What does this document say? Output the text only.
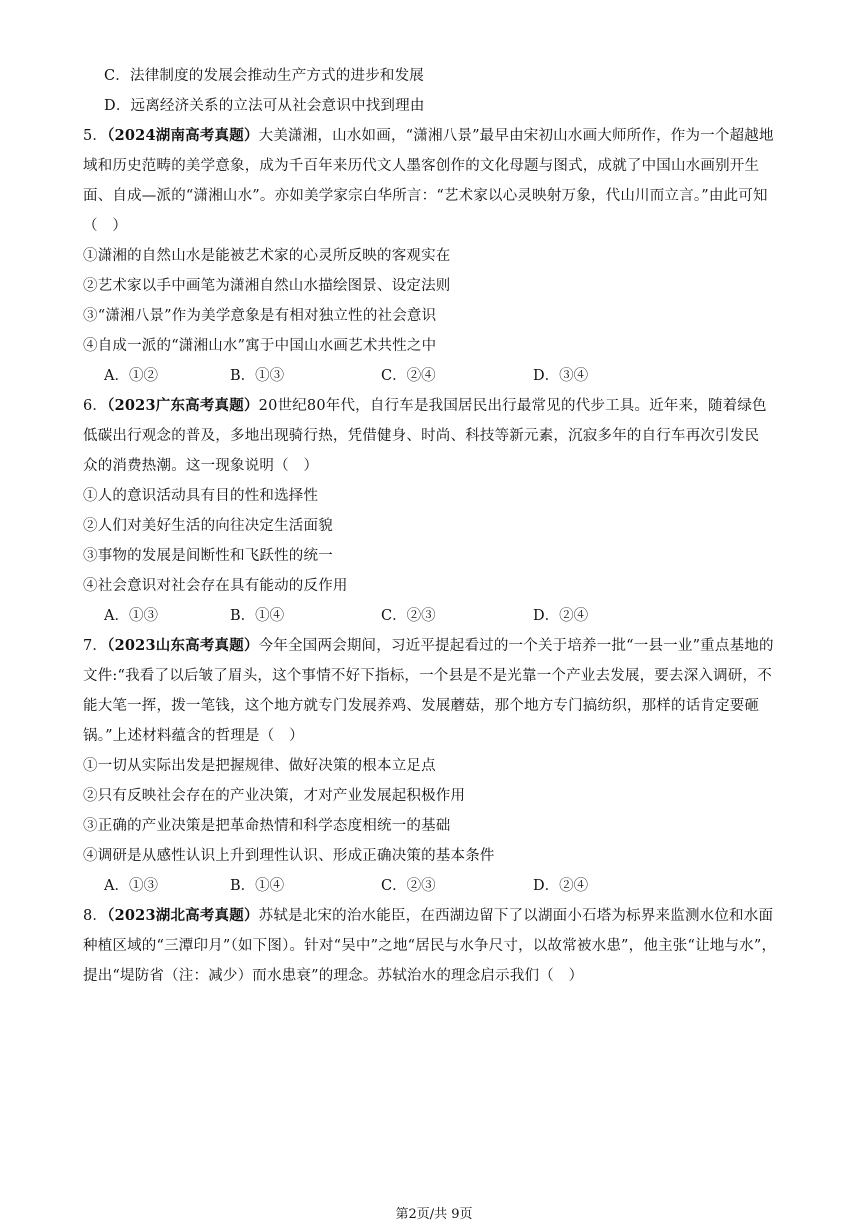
C．法律制度的发展会推动生产方式的进步和发展
D．远离经济关系的立法可从社会意识中找到理由
5．（2024湖南高考真题）大美潇湘，山水如画，“潇湘八景”最早由宋初山水画大师所作，作为一个超越地
域和历史范畴的美学意象，成为千百年来历代文人墨客创作的文化母题与图式，成就了中国山水画别开生
面、自成—派的“潇湘山水”。亦如美学家宗白华所言：“艺术家以心灵映射万象，代山川而立言。”由此可知
（　）
①潇湘的自然山水是能被艺术家的心灵所反映的客观实在
②艺术家以手中画笔为潇湘自然山水描绘图景、设定法则
③“潇湘八景”作为美学意象是有相对独立性的社会意识
④自成一派的“潇湘山水”寓于中国山水画艺术共性之中
A．①②	B．①③	C．②④	D．③④
6．（2023广东高考真题）20世纪80年代，自行车是我国居民出行最常见的代步工具。近年来，随着绿色
低碳出行观念的普及，多地出现骑行热，凭借健身、时尚、科技等新元素，沉寂多年的自行车再次引发民
众的消费热潮。这一现象说明（　）
①人的意识活动具有目的性和选择性
②人们对美好生活的向往决定生活面貌
③事物的发展是间断性和飞跃性的统一
④社会意识对社会存在具有能动的反作用
A．①③	B．①④	C．②③	D．②④
7．（2023山东高考真题）今年全国两会期间，习近平提起看过的一个关于培养一批“一县一业”重点基地的
文件:“我看了以后皱了眉头，这个事情不好下指标，一个县是不是光靠一个产业去发展，要去深入调研，不
能大笔一挥，拨一笔钱，这个地方就专门发展养鸡、发展蘑菇，那个地方专门搞纺织，那样的话肯定要砸
锅。”上述材料蕴含的哲理是（　）
①一切从实际出发是把握规律、做好决策的根本立足点
②只有反映社会存在的产业决策，才对产业发展起积极作用
③正确的产业决策是把革命热情和科学态度相统一的基础
④调研是从感性认识上升到理性认识、形成正确决策的基本条件
A．①③	B．①④	C．②③	D．②④
8．（2023湖北高考真题）苏轼是北宋的治水能臣，在西湖边留下了以湖面小石塔为标界来监测水位和水面
种植区域的“三潭印月”（如下图）。针对“吴中”之地“居民与水争尺寸，以故常被水患”，他主张“让地与水”，
提出“堤防省（注：减少）而水患衰”的理念。苏轼治水的理念启示我们（　）
第2页/共 9页
